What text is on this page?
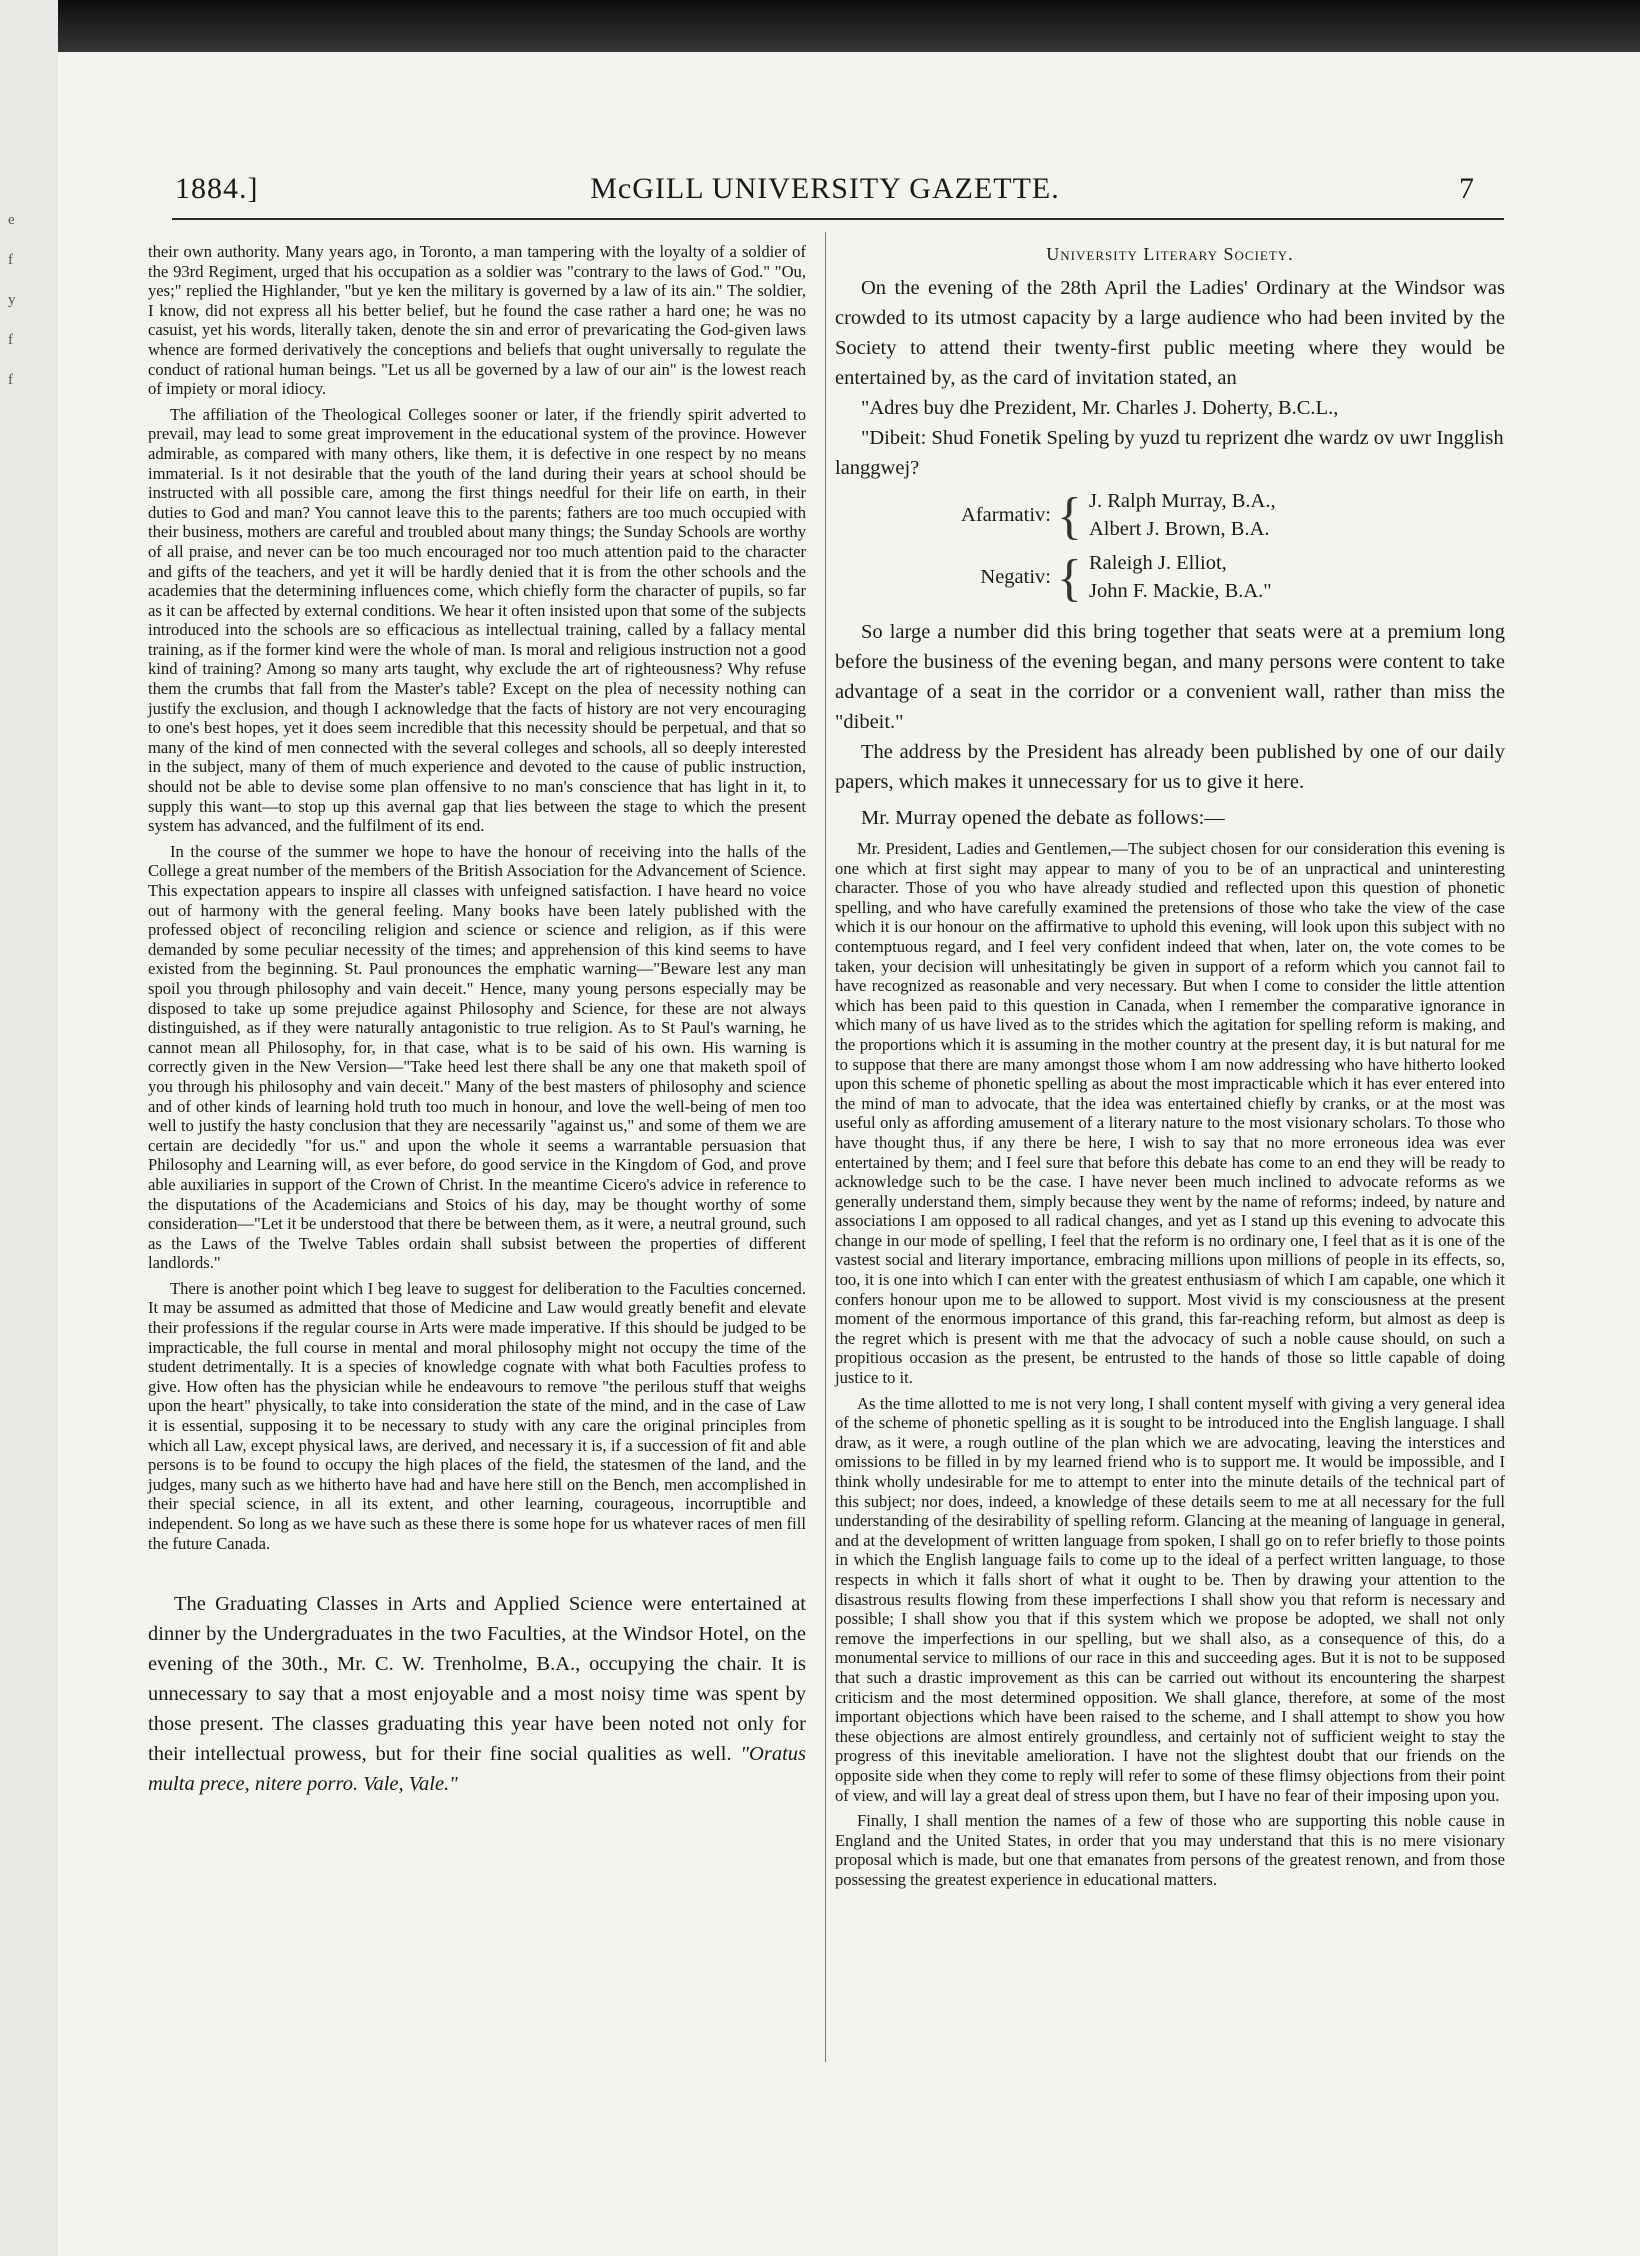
e
f
y
f
f
1884.]	McGILL UNIVERSITY GAZETTE.	7

their own authority. Many years ago, in Toronto, a man tampering with the loyalty of a soldier of the 93rd Regiment, urged that his occupation as a soldier was "contrary to the laws of God." "Ou, yes;" replied the Highlander, "but ye ken the military is governed by a law of its ain." The soldier, I know, did not express all his better belief, but he found the case rather a hard one; he was no casuist, yet his words, literally taken, denote the sin and error of prevaricating the God-given laws whence are formed derivatively the conceptions and beliefs that ought universally to regulate the conduct of rational human beings. "Let us all be governed by a law of our ain" is the lowest reach of impiety or moral idiocy.

The affiliation of the Theological Colleges sooner or later, if the friendly spirit adverted to prevail, may lead to some great improvement in the educational system of the province. However admirable, as compared with many others, like them, it is defective in one respect by no means immaterial. Is it not desirable that the youth of the land during their years at school should be instructed with all possible care, among the first things needful for their life on earth, in their duties to God and man? You cannot leave this to the parents; fathers are too much occupied with their business, mothers are careful and troubled about many things; the Sunday Schools are worthy of all praise, and never can be too much encouraged nor too much attention paid to the character and gifts of the teachers, and yet it will be hardly denied that it is from the other schools and the academies that the determining influences come, which chiefly form the character of pupils, so far as it can be affected by external conditions. We hear it often insisted upon that some of the subjects introduced into the schools are so efficacious as intellectual training, called by a fallacy mental training, as if the former kind were the whole of man. Is moral and religious instruction not a good kind of training? Among so many arts taught, why exclude the art of righteousness? Why refuse them the crumbs that fall from the Master's table? Except on the plea of necessity nothing can justify the exclusion, and though I acknowledge that the facts of history are not very encouraging to one's best hopes, yet it does seem incredible that this necessity should be perpetual, and that so many of the kind of men connected with the several colleges and schools, all so deeply interested in the subject, many of them of much experience and devoted to the cause of public instruction, should not be able to devise some plan offensive to no man's conscience that has light in it, to supply this want—to stop up this avernal gap that lies between the stage to which the present system has advanced, and the fulfilment of its end.

In the course of the summer we hope to have the honour of receiving into the halls of the College a great number of the members of the British Association for the Advancement of Science. This expectation appears to inspire all classes with unfeigned satisfaction. I have heard no voice out of harmony with the general feeling. Many books have been lately published with the professed object of reconciling religion and science or science and religion, as if this were demanded by some peculiar necessity of the times; and apprehension of this kind seems to have existed from the beginning. St. Paul pronounces the emphatic warning—"Beware lest any man spoil you through philosophy and vain deceit." Hence, many young persons especially may be disposed to take up some prejudice against Philosophy and Science, for these are not always distinguished, as if they were naturally antagonistic to true religion. As to St Paul's warning, he cannot mean all Philosophy, for, in that case, what is to be said of his own. His warning is correctly given in the New Version—"Take heed lest there shall be any one that maketh spoil of you through his philosophy and vain deceit." Many of the best masters of philosophy and science and of other kinds of learning hold truth too much in honour, and love the well-being of men too well to justify the hasty conclusion that they are necessarily "against us," and some of them we are certain are decidedly "for us." and upon the whole it seems a warrantable persuasion that Philosophy and Learning will, as ever before, do good service in the Kingdom of God, and prove able auxiliaries in support of the Crown of Christ. In the meantime Cicero's advice in reference to the disputations of the Academicians and Stoics of his day, may be thought worthy of some consideration—"Let it be understood that there be between them, as it were, a neutral ground, such as the Laws of the Twelve Tables ordain shall subsist between the properties of different landlords."

There is another point which I beg leave to suggest for deliberation to the Faculties concerned. It may be assumed as admitted that those of Medicine and Law would greatly benefit and elevate their professions if the regular course in Arts were made imperative. If this should be judged to be impracticable, the full course in mental and moral philosophy might not occupy the time of the student detrimentally. It is a species of knowledge cognate with what both Faculties profess to give. How often has the physician while he endeavours to remove "the perilous stuff that weighs upon the heart" physically, to take into consideration the state of the mind, and in the case of Law it is essential, supposing it to be necessary to study with any care the original principles from which all Law, except physical laws, are derived, and necessary it is, if a succession of fit and able persons is to be found to occupy the high places of the field, the statesmen of the land, and the judges, many such as we hitherto have had and have here still on the Bench, men accomplished in their special science, in all its extent, and other learning, courageous, incorruptible and independent. So long as we have such as these there is some hope for us whatever races of men fill the future Canada.

The Graduating Classes in Arts and Applied Science were entertained at dinner by the Undergraduates in the two Faculties, at the Windsor Hotel, on the evening of the 30th., Mr. C. W. Trenholme, B.A., occupying the chair. It is unnecessary to say that a most enjoyable and a most noisy time was spent by those present. The classes graduating this year have been noted not only for their intellectual prowess, but for their fine social qualities as well. "Oratus multa prece, nitere porro. Vale, Vale."

University Literary Society.

On the evening of the 28th April the Ladies' Ordinary at the Windsor was crowded to its utmost capacity by a large audience who had been invited by the Society to attend their twenty-first public meeting where they would be entertained by, as the card of invitation stated, an

"Adres buy dhe Prezident, Mr. Charles J. Doherty, B.C.L.,

"Dibeit: Shud Fonetik Speling by yuzd tu reprizent dhe wardz ov uwr Ingglish langgwej?

Afarmativ: { J. Ralph Murray, B.A.,
Albert J. Brown, B.A.
Negativ: { Raleigh J. Elliot,
John F. Mackie, B.A."

So large a number did this bring together that seats were at a premium long before the business of the evening began, and many persons were content to take advantage of a seat in the corridor or a convenient wall, rather than miss the "dibeit."

The address by the President has already been published by one of our daily papers, which makes it unnecessary for us to give it here.

Mr. Murray opened the debate as follows:—

Mr. President, Ladies and Gentlemen,—The subject chosen for our consideration this evening is one which at first sight may appear to many of you to be of an unpractical and uninteresting character. Those of you who have already studied and reflected upon this question of phonetic spelling, and who have carefully examined the pretensions of those who take the view of the case which it is our honour on the affirmative to uphold this evening, will look upon this subject with no contemptuous regard, and I feel very confident indeed that when, later on, the vote comes to be taken, your decision will unhesitatingly be given in support of a reform which you cannot fail to have recognized as reasonable and very necessary. But when I come to consider the little attention which has been paid to this question in Canada, when I remember the comparative ignorance in which many of us have lived as to the strides which the agitation for spelling reform is making, and the proportions which it is assuming in the mother country at the present day, it is but natural for me to suppose that there are many amongst those whom I am now addressing who have hitherto looked upon this scheme of phonetic spelling as about the most impracticable which it has ever entered into the mind of man to advocate, that the idea was entertained chiefly by cranks, or at the most was useful only as affording amusement of a literary nature to the most visionary scholars. To those who have thought thus, if any there be here, I wish to say that no more erroneous idea was ever entertained by them; and I feel sure that before this debate has come to an end they will be ready to acknowledge such to be the case. I have never been much inclined to advocate reforms as we generally understand them, simply because they went by the name of reforms; indeed, by nature and associations I am opposed to all radical changes, and yet as I stand up this evening to advocate this change in our mode of spelling, I feel that the reform is no ordinary one, I feel that as it is one of the vastest social and literary importance, embracing millions upon millions of people in its effects, so, too, it is one into which I can enter with the greatest enthusiasm of which I am capable, one which it confers honour upon me to be allowed to support. Most vivid is my consciousness at the present moment of the enormous importance of this grand, this far-reaching reform, but almost as deep is the regret which is present with me that the advocacy of such a noble cause should, on such a propitious occasion as the present, be entrusted to the hands of those so little capable of doing justice to it.

As the time allotted to me is not very long, I shall content myself with giving a very general idea of the scheme of phonetic spelling as it is sought to be introduced into the English language. I shall draw, as it were, a rough outline of the plan which we are advocating, leaving the interstices and omissions to be filled in by my learned friend who is to support me. It would be impossible, and I think wholly undesirable for me to attempt to enter into the minute details of the technical part of this subject; nor does, indeed, a knowledge of these details seem to me at all necessary for the full understanding of the desirability of spelling reform. Glancing at the meaning of language in general, and at the development of written language from spoken, I shall go on to refer briefly to those points in which the English language fails to come up to the ideal of a perfect written language, to those respects in which it falls short of what it ought to be. Then by drawing your attention to the disastrous results flowing from these imperfections I shall show you that reform is necessary and possible; I shall show you that if this system which we propose be adopted, we shall not only remove the imperfections in our spelling, but we shall also, as a consequence of this, do a monumental service to millions of our race in this and succeeding ages. But it is not to be supposed that such a drastic improvement as this can be carried out without its encountering the sharpest criticism and the most determined opposition. We shall glance, therefore, at some of the most important objections which have been raised to the scheme, and I shall attempt to show you how these objections are almost entirely groundless, and certainly not of sufficient weight to stay the progress of this inevitable amelioration. I have not the slightest doubt that our friends on the opposite side when they come to reply will refer to some of these flimsy objections from their point of view, and will lay a great deal of stress upon them, but I have no fear of their imposing upon you.

Finally, I shall mention the names of a few of those who are supporting this noble cause in England and the United States, in order that you may understand that this is no mere visionary proposal which is made, but one that emanates from persons of the greatest renown, and from those possessing the greatest experience in educational matters.
